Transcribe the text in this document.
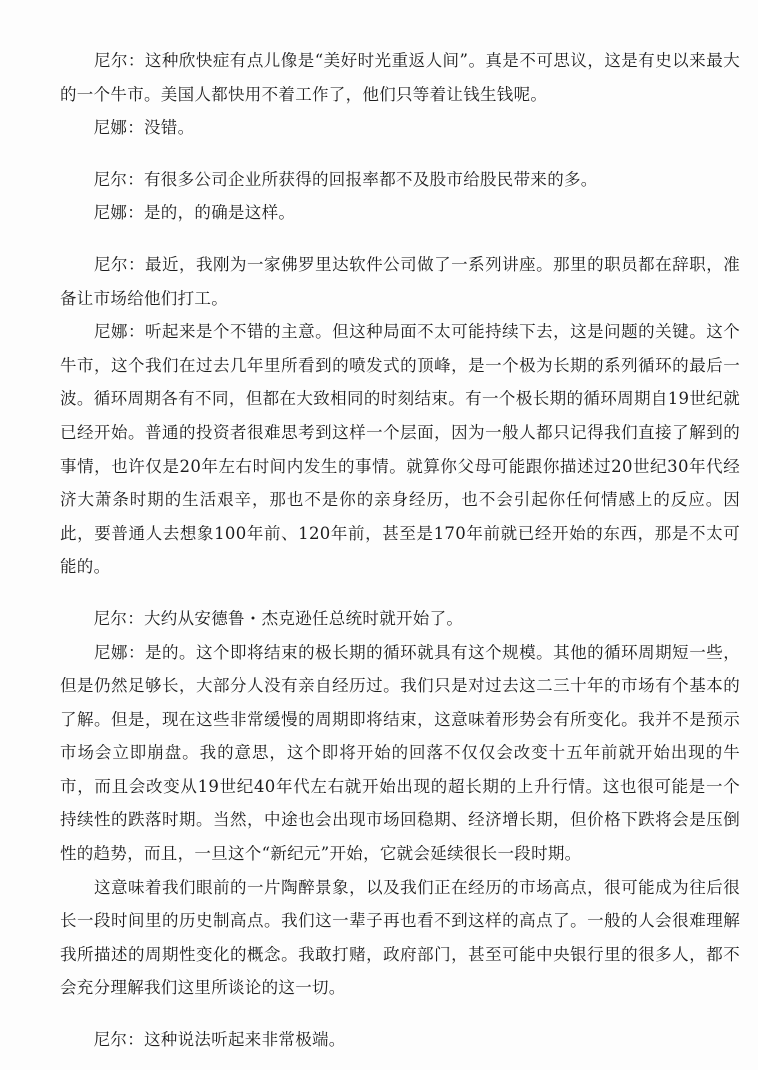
　　尼尔：这种欣快症有点儿像是“美好时光重返人间”。真是不可思议，这是有史以来最大的一个牛市。美国人都快用不着工作了，他们只等着让钱生钱呢。

　　尼娜：没错。

　　尼尔：有很多公司企业所获得的回报率都不及股市给股民带来的多。

　　尼娜：是的，的确是这样。

　　尼尔：最近，我刚为一家佛罗里达软件公司做了一系列讲座。那里的职员都在辞职，准备让市场给他们打工。

　　尼娜：听起来是个不错的主意。但这种局面不太可能持续下去，这是问题的关键。这个牛市，这个我们在过去几年里所看到的喷发式的顶峰，是一个极为长期的系列循环的最后一波。循环周期各有不同，但都在大致相同的时刻结束。有一个极长期的循环周期自19世纪就已经开始。普通的投资者很难思考到这样一个层面，因为一般人都只记得我们直接了解到的事情，也许仅是20年左右时间内发生的事情。就算你父母可能跟你描述过20世纪30年代经济大萧条时期的生活艰辛，那也不是你的亲身经历，也不会引起你任何情感上的反应。因此，要普通人去想象100年前、120年前，甚至是170年前就已经开始的东西，那是不太可能的。

　　尼尔：大约从安德鲁・杰克逊任总统时就开始了。

　　尼娜：是的。这个即将结束的极长期的循环就具有这个规模。其他的循环周期短一些，但是仍然足够长，大部分人没有亲自经历过。我们只是对过去这二三十年的市场有个基本的了解。但是，现在这些非常缓慢的周期即将结束，这意味着形势会有所变化。我并不是预示市场会立即崩盘。我的意思，这个即将开始的回落不仅仅会改变十五年前就开始出现的牛市，而且会改变从19世纪40年代左右就开始出现的超长期的上升行情。这也很可能是一个持续性的跌落时期。当然，中途也会出现市场回稳期、经济增长期，但价格下跌将会是压倒性的趋势，而且，一旦这个“新纪元”开始，它就会延续很长一段时期。

　　这意味着我们眼前的一片陶醉景象，以及我们正在经历的市场高点，很可能成为往后很长一段时间里的历史制高点。我们这一辈子再也看不到这样的高点了。一般的人会很难理解我所描述的周期性变化的概念。我敢打赌，政府部门，甚至可能中央银行里的很多人，都不会充分理解我们这里所谈论的这一切。

　　尼尔：这种说法听起来非常极端。
